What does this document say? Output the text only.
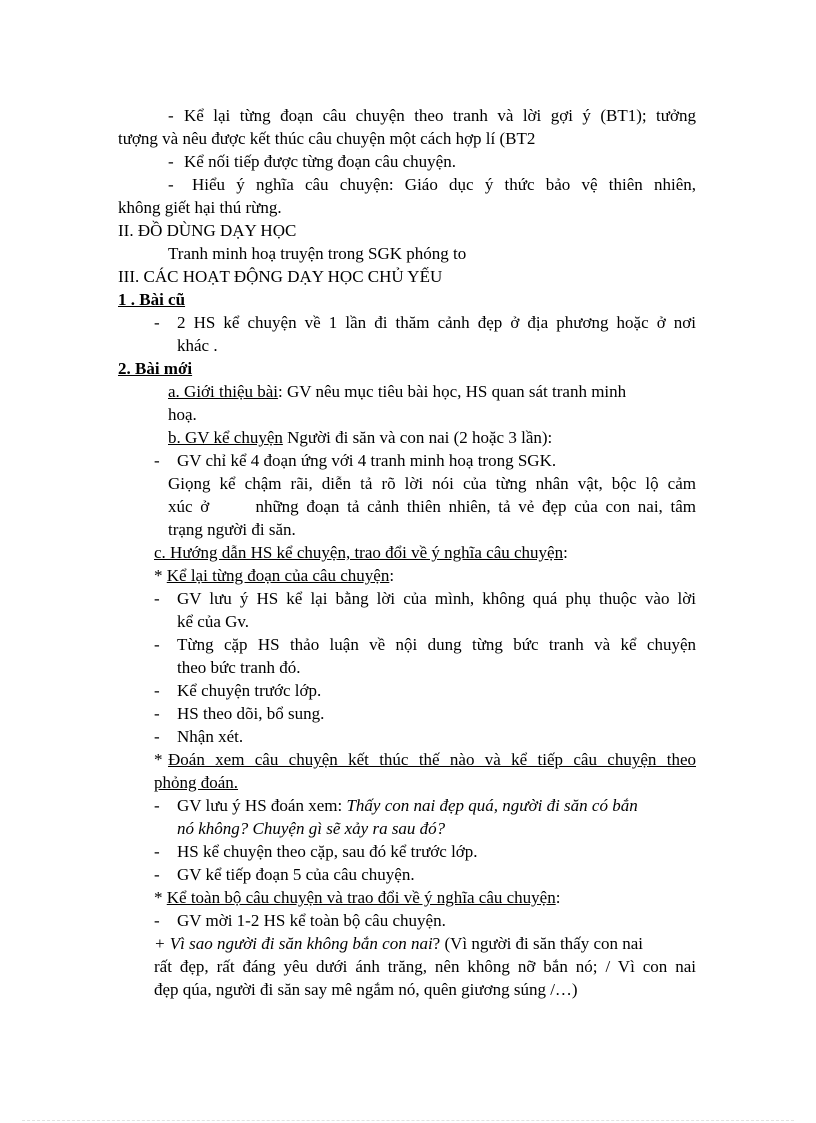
- Kể lại từng đoạn câu chuyện theo tranh và lời gợi ý (BT1); tưởng
tượng và nêu được kết thúc câu chuyện một cách hợp lí (BT2
- Kể nối tiếp được từng đoạn câu chuyện.
- Hiểu ý nghĩa câu chuyện: Giáo dục ý thức bảo vệ thiên nhiên,
không giết hại thú rừng.
II. ĐỒ DÙNG DẠY HỌC
Tranh minh hoạ truyện trong SGK phóng to
III. CÁC HOẠT ĐỘNG DẠY HỌC CHỦ YẾU
1 . Bài cũ
- 2 HS kể chuyện về 1 lần đi thăm cảnh đẹp ở địa phương hoặc ở nơi
khác .
2. Bài mới
a. Giới thiệu bài: GV nêu mục tiêu bài học, HS quan sát tranh minh
hoạ.
b. GV kể chuyện Người đi săn và con nai (2 hoặc 3 lần):
- GV chỉ kể 4 đoạn ứng với 4 tranh minh hoạ trong SGK.
Giọng kể chậm rãi, diễn tả rõ lời nói của từng nhân vật, bộc lộ cảm
xúc ở      những đoạn tả cảnh thiên nhiên, tả vẻ đẹp của con nai, tâm
trạng người đi săn.
c. Hướng dẫn HS kể chuyện, trao đổi về ý nghĩa câu chuyện:
* Kể lại từng đoạn của câu chuyện:
- GV lưu ý HS kể lại bằng lời của mình, không quá phụ thuộc vào lời
kể của Gv.
- Từng cặp HS thảo luận về nội dung từng bức tranh và kể chuyện
theo bức tranh đó.
- Kể chuyện trước lớp.
- HS theo dõi, bổ sung.
- Nhận xét.
* Đoán xem câu chuyện kết thúc thế nào và kể tiếp câu chuyện theo
phỏng đoán.
- GV lưu ý HS đoán xem: Thấy con nai đẹp quá, người đi săn có bắn
nó không? Chuyện gì sẽ xảy ra sau đó?
- HS kể chuyện theo cặp, sau đó kể trước lớp.
- GV kể tiếp đoạn 5 của câu chuyện.
* Kể toàn bộ câu chuyện và trao đổi về ý nghĩa câu chuyện:
- GV mời 1-2 HS kể toàn bộ câu chuyện.
+ Vì sao người đi săn không bắn con nai? (Vì người đi săn thấy con nai
rất đẹp, rất đáng yêu dưới ánh trăng, nên không nỡ bắn nó; / Vì con nai
đẹp qúa, người đi săn say mê ngắm nó, quên giương súng /…)
